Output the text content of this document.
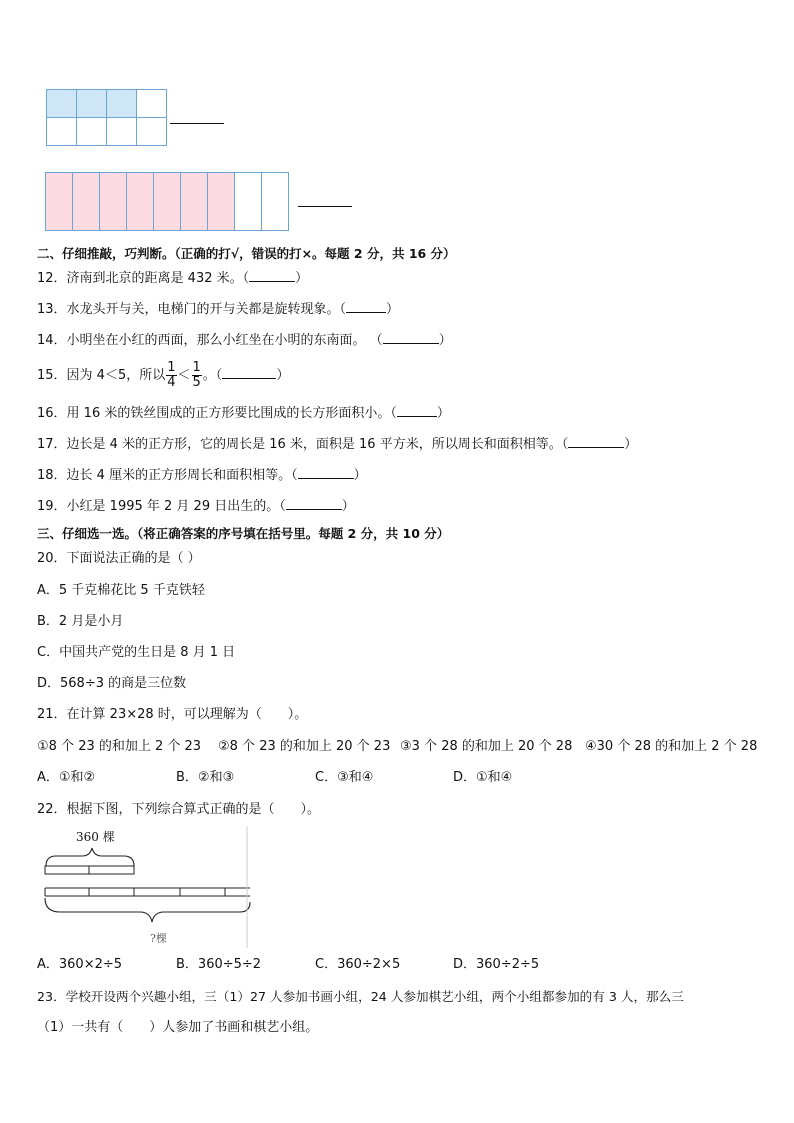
二、仔细推敲，巧判断。（正确的打√，错误的打×。每题 2 分，共 16 分）
12．济南到北京的距离是 432 米。（	）
13．水龙头开与关，电梯门的开与关都是旋转现象。（	）
14．小明坐在小红的西面，那么小红坐在小明的东南面。 （	）
15．因为 4＜5，所以 $\frac{1}{4} < \frac{1}{5}$ 。（	）
16．用 16 米的铁丝围成的正方形要比围成的长方形面积小。（	）
17．边长是 4 米的正方形，它的周长是 16 米，面积是 16 平方米，所以周长和面积相等。（	）
18．边长 4 厘米的正方形周长和面积相等。（	）
19．小红是 1995 年 2 月 29 日出生的。（	）
三、仔细选一选。（将正确答案的序号填在括号里。每题 2 分，共 10 分）
20．下面说法正确的是（ ）
A．5 千克棉花比 5 千克铁轻
B．2 月是小月
C．中国共产党的生日是 8 月 1 日
D．568÷3 的商是三位数
21．在计算 23×28 时，可以理解为（　　）。
①8 个 23 的和加上 2 个 23 ②8 个 23 的和加上 20 个 23 ③3 个 28 的和加上 20 个 28 ④30 个 28 的和加上 2 个 28
A．①和②	B．②和③	C．③和④	D．①和④
22．根据下图，下列综合算式正确的是（　　）。
360 棵
?棵
A．360×2÷5	B．360÷5÷2	C．360÷2×5	D．360÷2÷5
23．学校开设两个兴趣小组，三（1）27 人参加书画小组，24 人参加棋艺小组，两个小组都参加的有 3 人，那么三
（1）一共有（　　）人参加了书画和棋艺小组。
